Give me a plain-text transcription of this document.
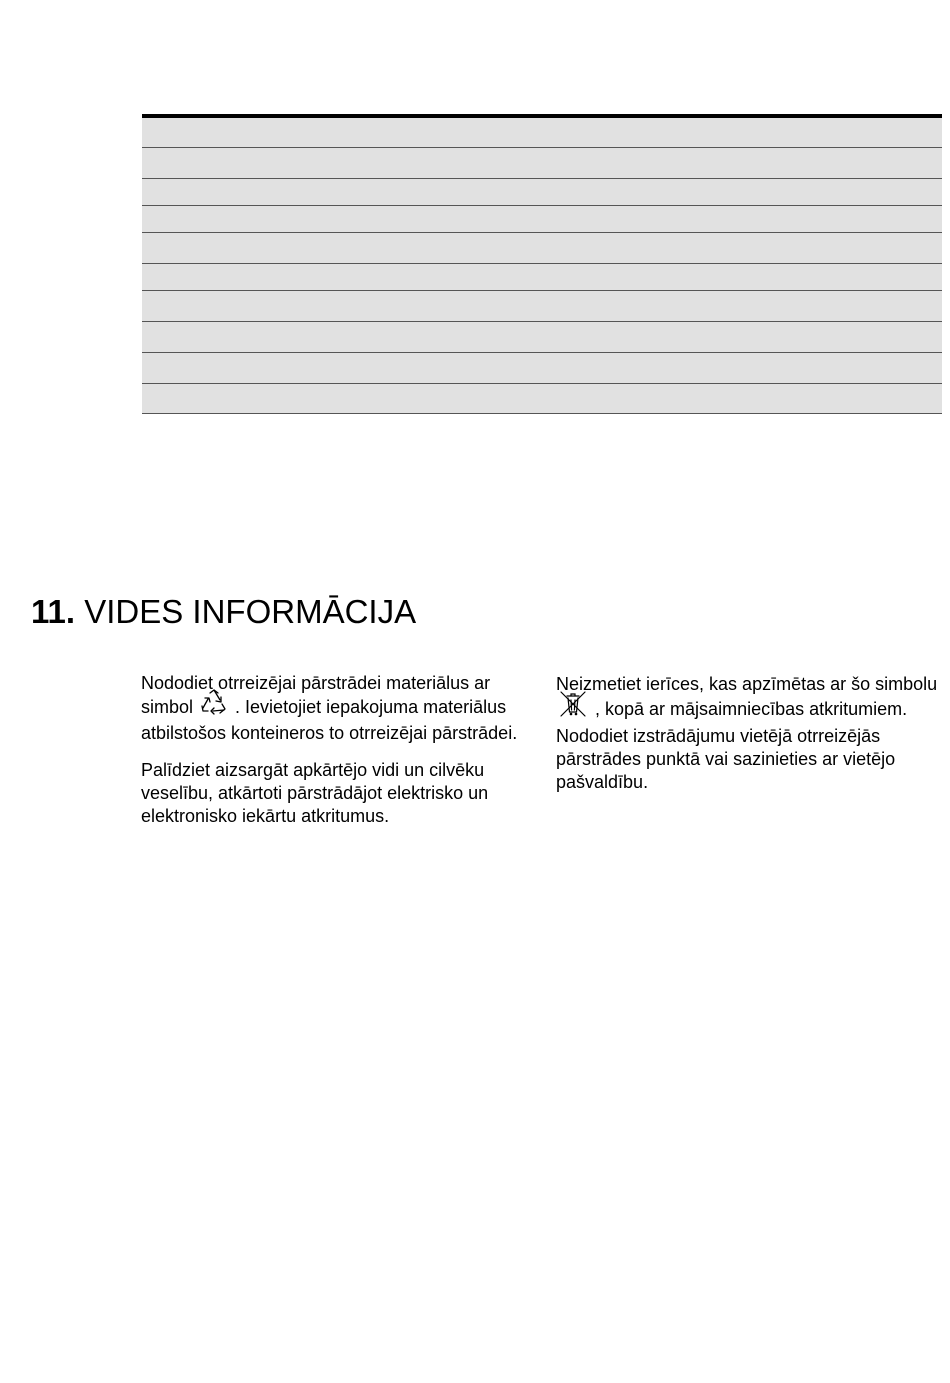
11. VIDES INFORMĀCIJA

Nododiet otrreizējai pārstrādei materiālus ar simbol . Ievietojiet iepakojuma materiālus atbilstošos konteineros to otrreizējai pārstrādei.

Palīdziet aizsargāt apkārtējo vidi un cilvēku veselību, atkārtoti pārstrādājot elektrisko un elektronisko iekārtu atkritumus.

Neizmetiet ierīces, kas apzīmētas ar šo simbolu  , kopā ar mājsaimniecības atkritumiem. Nododiet izstrādājumu vietējā otrreizējās pārstrādes punktā vai sazinieties ar vietējo pašvaldību.
